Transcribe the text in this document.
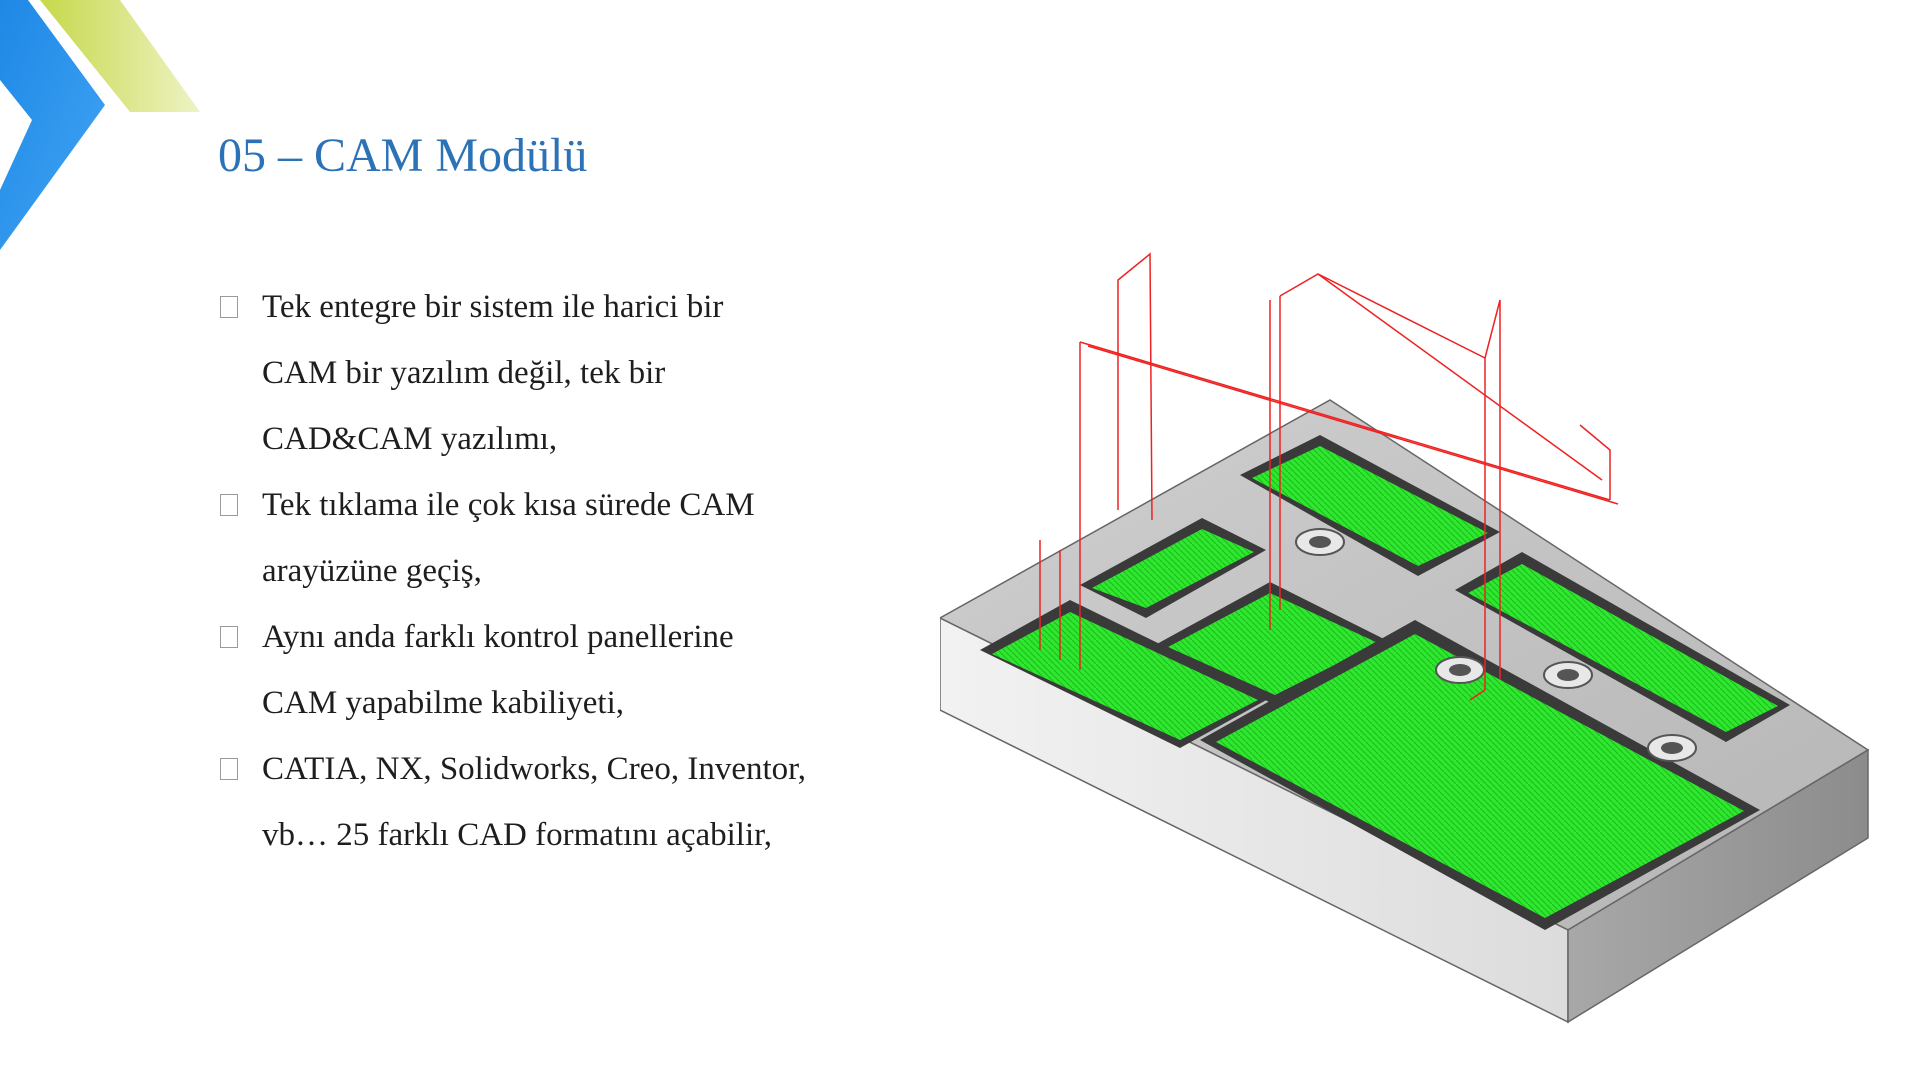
05 – CAM Modülü
Tek entegre bir sistem ile harici bir
CAM bir yazılım değil, tek bir
CAD&CAM yazılımı,
Tek tıklama ile çok kısa sürede CAM
arayüzüne geçiş,
Aynı anda farklı kontrol panellerine
CAM yapabilme kabiliyeti,
CATIA, NX, Solidworks, Creo, Inventor,
vb… 25 farklı CAD formatını açabilir,
